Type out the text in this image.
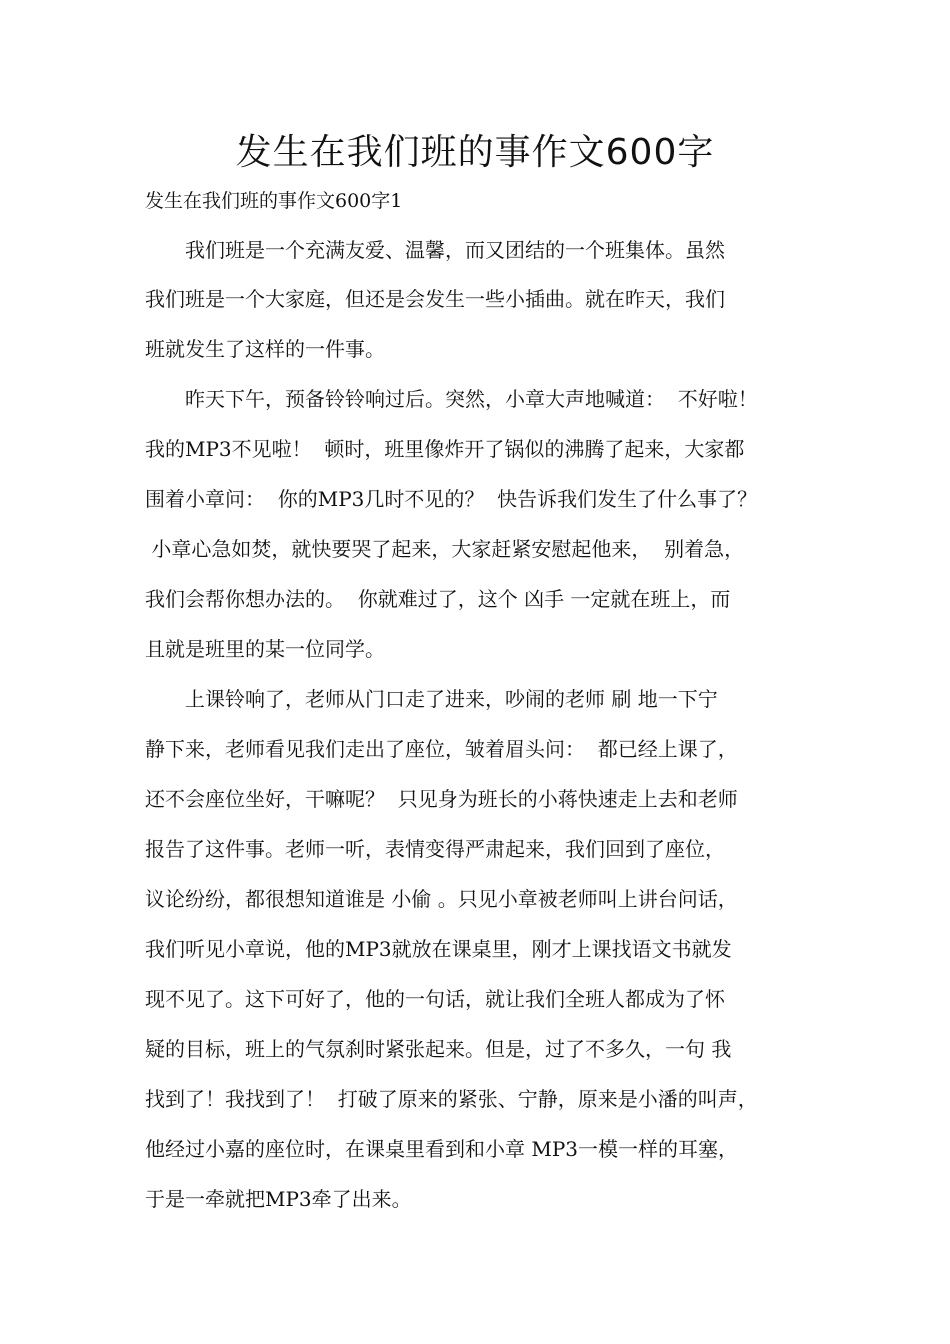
发生在我们班的事作文600字

发生在我们班的事作文600字1

　　我们班是一个充满友爱、温馨，而又团结的一个班集体。虽然

我们班是一个大家庭，但还是会发生一些小插曲。就在昨天，我们

班就发生了这样的一件事。

　　昨天下午，预备铃铃响过后。突然，小章大声地喊道：  不好啦！

我的MP3不见啦！  顿时，班里像炸开了锅似的沸腾了起来，大家都

围着小章问：  你的MP3几时不见的？  快告诉我们发生了什么事了？

小章心急如焚，就快要哭了起来，大家赶紧安慰起他来，  别着急，

我们会帮你想办法的。  你就难过了，这个 凶手 一定就在班上，而

且就是班里的某一位同学。

　　上课铃响了，老师从门口走了进来，吵闹的老师 刷 地一下宁

静下来，老师看见我们走出了座位，皱着眉头问：  都已经上课了，

还不会座位坐好，干嘛呢？  只见身为班长的小蒋快速走上去和老师

报告了这件事。老师一听，表情变得严肃起来，我们回到了座位，

议论纷纷，都很想知道谁是 小偷 。只见小章被老师叫上讲台问话，

我们听见小章说，他的MP3就放在课桌里，刚才上课找语文书就发

现不见了。这下可好了，他的一句话，就让我们全班人都成为了怀

疑的目标，班上的气氛刹时紧张起来。但是，过了不多久，一句 我

找到了！我找到了！  打破了原来的紧张、宁静，原来是小潘的叫声，

他经过小嘉的座位时，在课桌里看到和小章 MP3一模一样的耳塞，

于是一牵就把MP3牵了出来。
